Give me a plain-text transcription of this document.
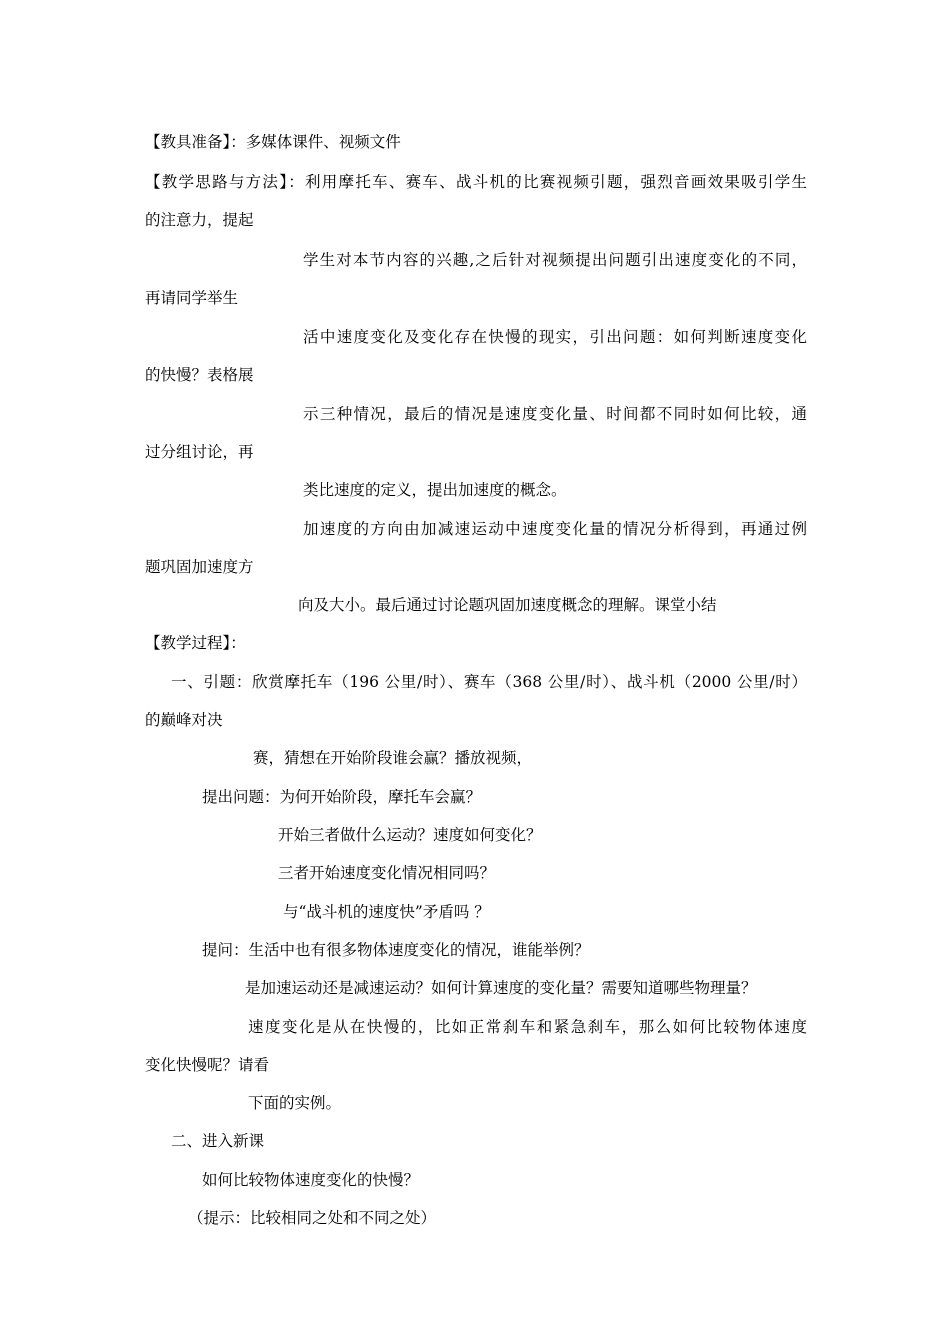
【教具准备】：多媒体课件、视频文件
【教学思路与方法】：利用摩托车、赛车、战斗机的比赛视频引题，强烈音画效果吸引学生
的注意力，提起
学生对本节内容的兴趣,之后针对视频提出问题引出速度变化的不同，
再请同学举生
活中速度变化及变化存在快慢的现实，引出问题：如何判断速度变化
的快慢？表格展
示三种情况，最后的情况是速度变化量、时间都不同时如何比较，通
过分组讨论，再
类比速度的定义，提出加速度的概念。
加速度的方向由加减速运动中速度变化量的情况分析得到，再通过例
题巩固加速度方
向及大小。最后通过讨论题巩固加速度概念的理解。课堂小结
【教学过程】：
一、引题：欣赏摩托车（196 公里/时）、赛车（368 公里/时）、战斗机（2000 公里/时）
的巅峰对决
赛，猜想在开始阶段谁会赢？播放视频，
提出问题：为何开始阶段，摩托车会赢？
开始三者做什么运动？速度如何变化？
三者开始速度变化情况相同吗？
与“战斗机的速度快”矛盾吗 ？
提问：生活中也有很多物体速度变化的情况，谁能举例？
是加速运动还是减速运动？如何计算速度的变化量？需要知道哪些物理量？
速度变化是从在快慢的，比如正常刹车和紧急刹车，那么如何比较物体速度
变化快慢呢？请看
下面的实例。
二、进入新课
如何比较物体速度变化的快慢？
（提示：比较相同之处和不同之处）
